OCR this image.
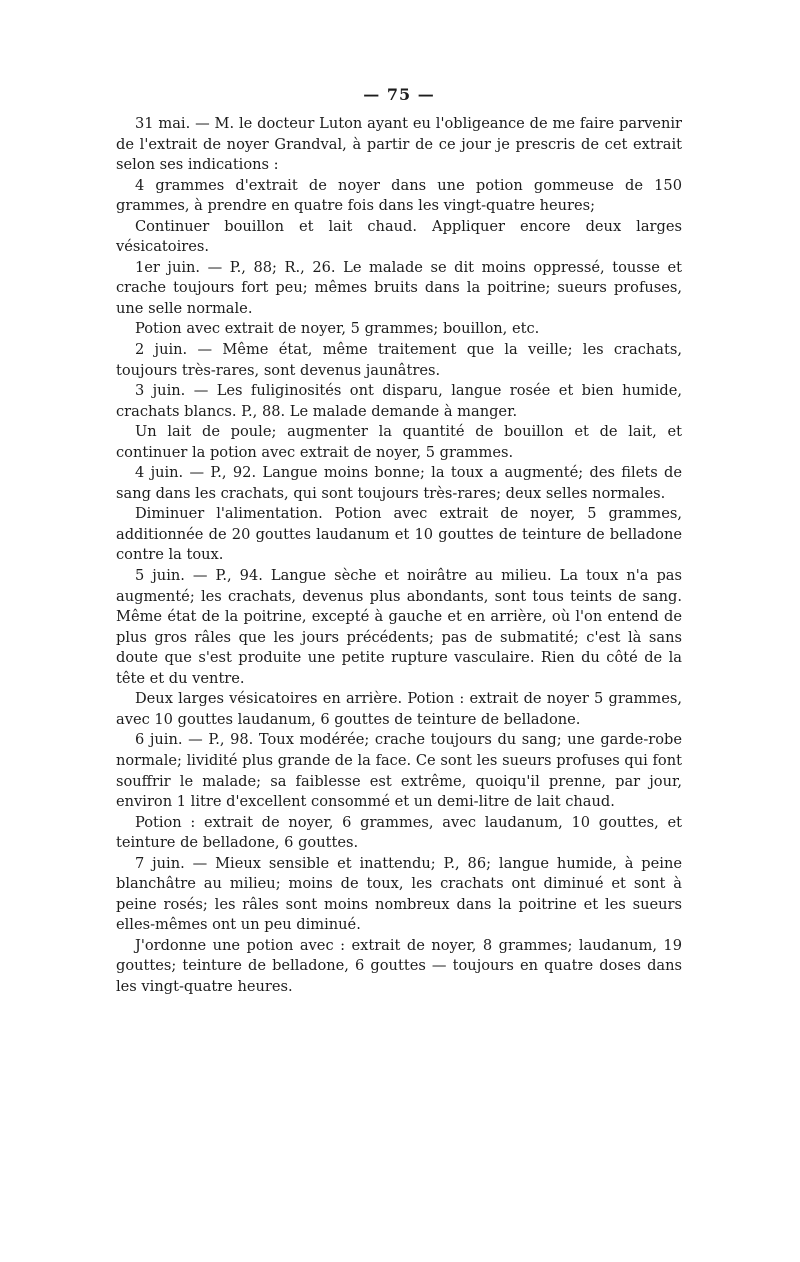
— 75 —

31 mai. — M. le docteur Luton ayant eu l'obligeance de me faire parvenir de l'extrait de noyer Grandval, à partir de ce jour je prescris de cet extrait selon ses indications :

4 grammes d'extrait de noyer dans une potion gommeuse de 150 grammes, à prendre en quatre fois dans les vingt-quatre heures;

Continuer bouillon et lait chaud. Appliquer encore deux larges vésicatoires.

1er juin. — P., 88; R., 26. Le malade se dit moins oppressé, tousse et crache toujours fort peu; mêmes bruits dans la poitrine; sueurs profuses, une selle normale.

Potion avec extrait de noyer, 5 grammes; bouillon, etc.

2 juin. — Même état, même traitement que la veille; les crachats, toujours très-rares, sont devenus jaunâtres.

3 juin. — Les fuliginosités ont disparu, langue rosée et bien humide, crachats blancs. P., 88. Le malade demande à manger.

Un lait de poule; augmenter la quantité de bouillon et de lait, et continuer la potion avec extrait de noyer, 5 grammes.

4 juin. — P., 92. Langue moins bonne; la toux a augmenté; des filets de sang dans les crachats, qui sont toujours très-rares; deux selles normales.

Diminuer l'alimentation. Potion avec extrait de noyer, 5 grammes, additionnée de 20 gouttes laudanum et 10 gouttes de teinture de belladone contre la toux.

5 juin. — P., 94. Langue sèche et noirâtre au milieu. La toux n'a pas augmenté; les crachats, devenus plus abondants, sont tous teints de sang. Même état de la poitrine, excepté à gauche et en arrière, où l'on entend de plus gros râles que les jours précédents; pas de submatité; c'est là sans doute que s'est produite une petite rupture vasculaire. Rien du côté de la tête et du ventre.

Deux larges vésicatoires en arrière. Potion : extrait de noyer 5 grammes, avec 10 gouttes laudanum, 6 gouttes de teinture de belladone.

6 juin. — P., 98. Toux modérée; crache toujours du sang; une garde-robe normale; lividité plus grande de la face. Ce sont les sueurs profuses qui font souffrir le malade; sa faiblesse est extrême, quoiqu'il prenne, par jour, environ 1 litre d'excellent consommé et un demi-litre de lait chaud.

Potion : extrait de noyer, 6 grammes, avec laudanum, 10 gouttes, et teinture de belladone, 6 gouttes.

7 juin. — Mieux sensible et inattendu; P., 86; langue humide, à peine blanchâtre au milieu; moins de toux, les crachats ont diminué et sont à peine rosés; les râles sont moins nombreux dans la poitrine et les sueurs elles-mêmes ont un peu diminué.

J'ordonne une potion avec : extrait de noyer, 8 grammes; laudanum, 19 gouttes; teinture de belladone, 6 gouttes — toujours en quatre doses dans les vingt-quatre heures.
